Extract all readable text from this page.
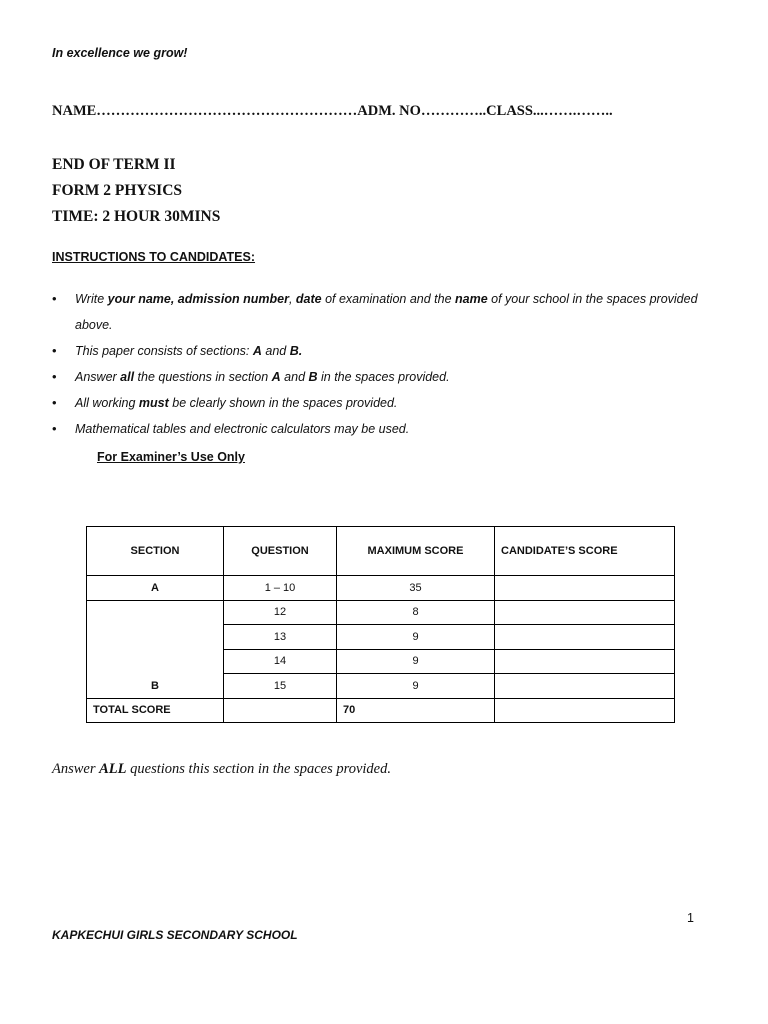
In excellence we grow!
NAME………………………………………………ADM. NO…………..CLASS...…….……..
END OF TERM II
FORM 2 PHYSICS
TIME: 2 HOUR 30MINS
INSTRUCTIONS TO CANDIDATES:
• Write your name, admission number, date of examination and the name of your school in the spaces provided above.
• This paper consists of sections: A and B.
• Answer all the questions in section A and B in the spaces provided.
• All working must be clearly shown in the spaces provided.
• Mathematical tables and electronic calculators may be used.
For Examiner’s Use Only
SECTION	QUESTION	MAXIMUM SCORE	CANDIDATE’S SCORE
A	1 – 10	35	
B	12	8	
	13	9	
	14	9	
	15	9	
TOTAL SCORE		70	
Answer ALL questions this section in the spaces provided.
1
KAPKECHUI GIRLS SECONDARY SCHOOL
